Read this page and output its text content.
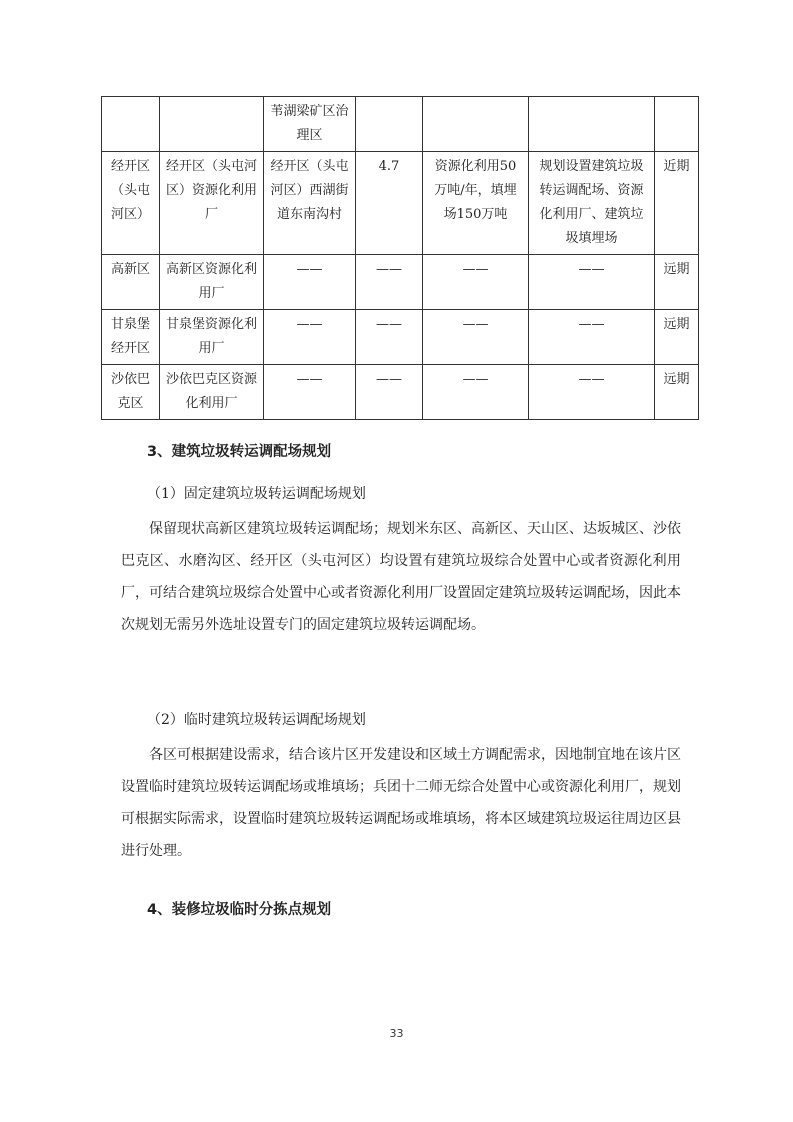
		苇湖梁矿区治理区				
经开区（头屯河区）	经开区（头屯河区）资源化利用厂	经开区（头屯河区）西湖街道东南沟村	4.7	资源化利用50万吨/年，填埋场150万吨	规划设置建筑垃圾转运调配场、资源化利用厂、建筑垃圾填埋场	近期
高新区	高新区资源化利用厂	——	——	——	——	远期
甘泉堡经开区	甘泉堡资源化利用厂	——	——	——	——	远期
沙依巴克区	沙依巴克区资源化利用厂	——	——	——	——	远期
3、建筑垃圾转运调配场规划
（1）固定建筑垃圾转运调配场规划
保留现状高新区建筑垃圾转运调配场；规划米东区、高新区、天山区、达坂城区、沙依巴克区、水磨沟区、经开区（头屯河区）均设置有建筑垃圾综合处置中心或者资源化利用厂，可结合建筑垃圾综合处置中心或者资源化利用厂设置固定建筑垃圾转运调配场，因此本次规划无需另外选址设置专门的固定建筑垃圾转运调配场。
（2）临时建筑垃圾转运调配场规划
各区可根据建设需求，结合该片区开发建设和区域土方调配需求，因地制宜地在该片区设置临时建筑垃圾转运调配场或堆填场；兵团十二师无综合处置中心或资源化利用厂，规划可根据实际需求，设置临时建筑垃圾转运调配场或堆填场，将本区域建筑垃圾运往周边区县进行处理。
4、装修垃圾临时分拣点规划
33
